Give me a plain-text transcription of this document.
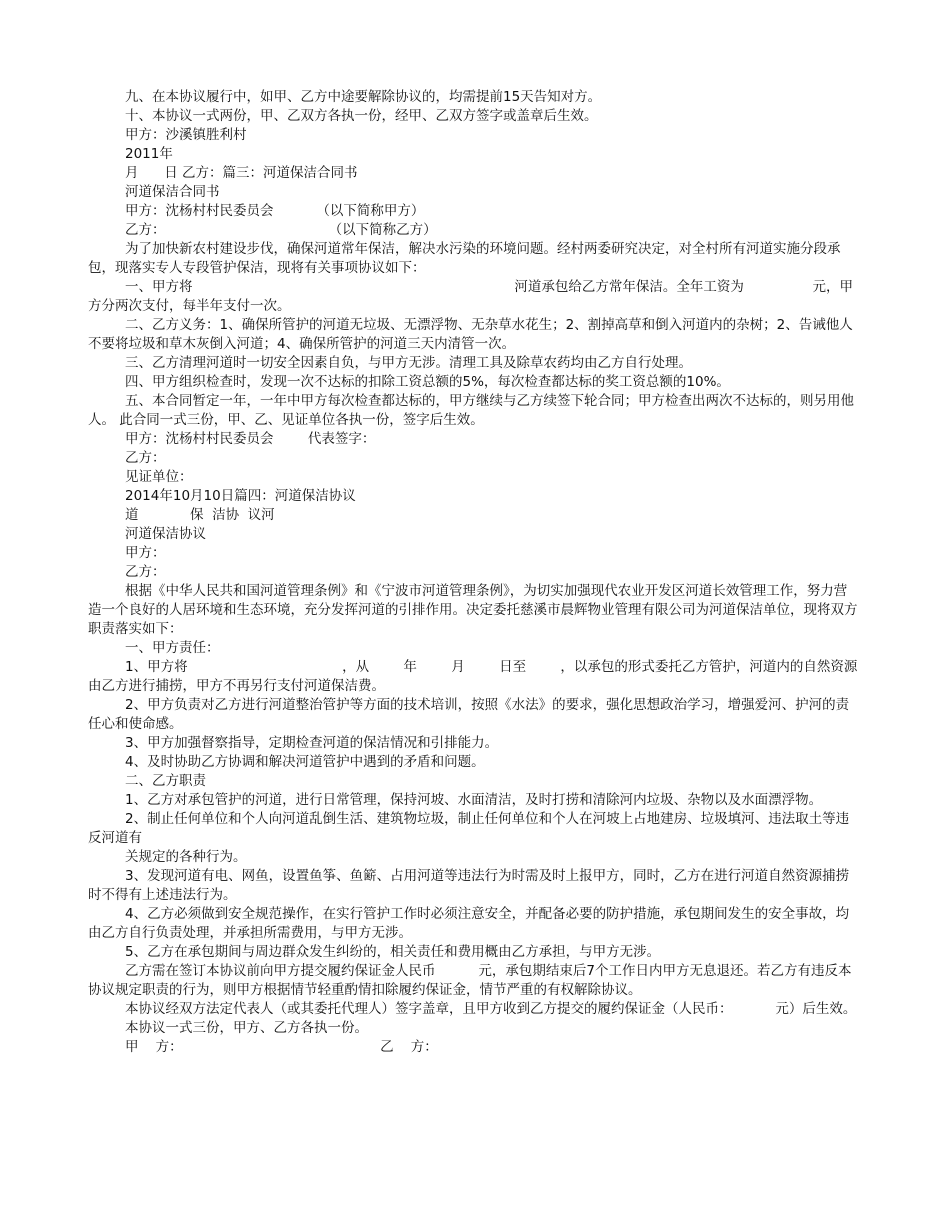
九、在本协议履行中，如甲、乙方中途要解除协议的，均需提前15天告知对方。

十、本协议一式两份，甲、乙双方各执一份，经甲、乙双方签字或盖章后生效。

甲方：沙溪镇胜利村

2011年

月      日 乙方：篇三：河道保洁合同书

河道保洁合同书

甲方：沈杨村村民委员会          （以下简称甲方）

乙方：                                      （以下简称乙方）

为了加快新农村建设步伐，确保河道常年保洁，解决水污染的环境问题。经村两委研究决定，对全村所有河道实施分段承包，现落实专人专段管护保洁，现将有关事项协议如下：

一、甲方将                                                                           河道承包给乙方常年保洁。全年工资为                元，甲方分两次支付，每半年支付一次。

二、乙方义务：1、确保所管护的河道无垃圾、无漂浮物、无杂草水花生；2、割掉高草和倒入河道内的杂树；2、告诫他人不要将垃圾和草木灰倒入河道；4、确保所管护的河道三天内清管一次。

三、乙方清理河道时一切安全因素自负，与甲方无涉。清理工具及除草农药均由乙方自行处理。

四、甲方组织检查时，发现一次不达标的扣除工资总额的5%，每次检查都达标的奖工资总额的10%。

五、本合同暂定一年，一年中甲方每次检查都达标的，甲方继续与乙方续签下轮合同；甲方检查出两次不达标的，则另用他人。 此合同一式三份，甲、乙、见证单位各执一份，签字后生效。

甲方：沈杨村村民委员会        代表签字：

乙方：

见证单位：

2014年10月10日篇四：河道保洁协议

道            保  洁协  议河

河道保洁协议

甲方：

乙方：

根据《中华人民共和国河道管理条例》和《宁波市河道管理条例》，为切实加强现代农业开发区河道长效管理工作，努力营造一个良好的人居环境和生态环境，充分发挥河道的引排作用。决定委托慈溪市晨辉物业管理有限公司为河道保洁单位，现将双方职责落实如下：

一、甲方责任：

1、甲方将                                    ，从        年        月        日至        ，以承包的形式委托乙方管护，河道内的自然资源由乙方进行捕捞，甲方不再另行支付河道保洁费。

2、甲方负责对乙方进行河道整治管护等方面的技术培训，按照《水法》的要求，强化思想政治学习，增强爱河、护河的责任心和使命感。

3、甲方加强督察指导，定期检查河道的保洁情况和引排能力。

4、及时协助乙方协调和解决河道管护中遇到的矛盾和问题。

二、乙方职责

1、乙方对承包管护的河道，进行日常管理，保持河坡、水面清洁，及时打捞和清除河内垃圾、杂物以及水面漂浮物。

2、制止任何单位和个人向河道乱倒生活、建筑物垃圾，制止任何单位和个人在河坡上占地建房、垃圾填河、违法取土等违反河道有

关规定的各种行为。

3、发现河道有电、网鱼，设置鱼筝、鱼簖、占用河道等违法行为时需及时上报甲方，同时，乙方在进行河道自然资源捕捞时不得有上述违法行为。

4、乙方必须做到安全规范操作，在实行管护工作时必须注意安全，并配备必要的防护措施，承包期间发生的安全事故，均由乙方自行负责处理，并承担所需费用，与甲方无涉。

5、乙方在承包期间与周边群众发生纠纷的，相关责任和费用概由乙方承担，与甲方无涉。

乙方需在签订本协议前向甲方提交履约保证金人民币          元，承包期结束后7个工作日内甲方无息退还。若乙方有违反本协议规定职责的行为，则甲方根据情节轻重酌情扣除履约保证金，情节严重的有权解除协议。

本协议经双方法定代表人（或其委托代理人）签字盖章，且甲方收到乙方提交的履约保证金（人民币：          元）后生效。

本协议一式三份，甲方、乙方各执一份。

甲    方：                                              乙    方：
